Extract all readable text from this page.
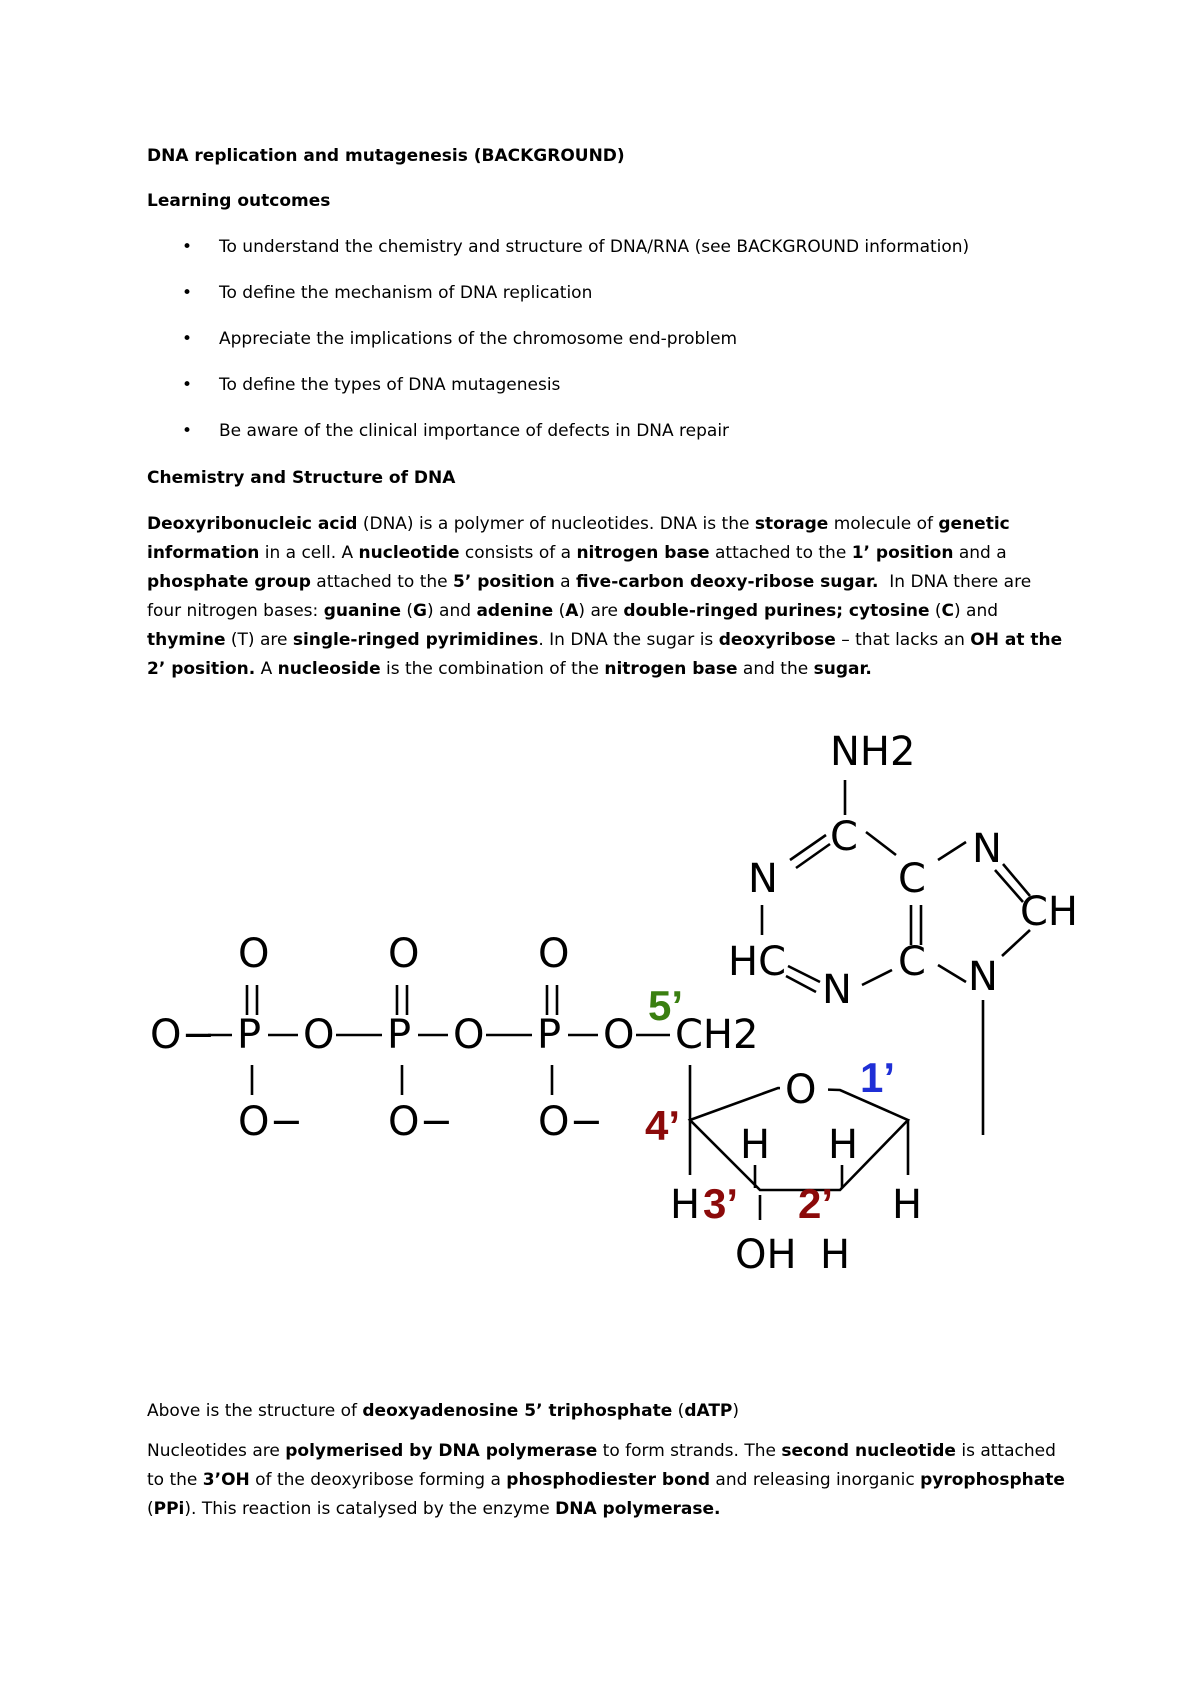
DNA replication and mutagenesis (BACKGROUND)
Learning outcomes
• To understand the chemistry and structure of DNA/RNA (see BACKGROUND information)
• To define the mechanism of DNA replication
• Appreciate the implications of the chromosome end-problem
• To define the types of DNA mutagenesis
• Be aware of the clinical importance of defects in DNA repair
Chemistry and Structure of DNA

Deoxyribonucleic acid (DNA) is a polymer of nucleotides. DNA is the storage molecule of genetic information in a cell. A nucleotide consists of a nitrogen base attached to the 1’ position and a phosphate group attached to the 5’ position a five-carbon deoxy-ribose sugar.  In DNA there are four nitrogen bases: guanine (G) and adenine (A) are double-ringed purines; cytosine (C) and thymine (T) are single-ringed pyrimidines. In DNA the sugar is deoxyribose – that lacks an OH at the 2’ position. A nucleoside is the combination of the nitrogen base and the sugar.

NH2
C
N	C
N
CH
HC	C
N	N
O	O	O
O− P O P O P O CH2
O− O− O−
O
H H
H
OH H
H
5’
4’
3’ 2’
1’
Above is the structure of deoxyadenosine 5’ triphosphate (dATP)

Nucleotides are polymerised by DNA polymerase to form strands. The second nucleotide is attached to the 3’OH of the deoxyribose forming a phosphodiester bond and releasing inorganic pyrophosphate (PPi). This reaction is catalysed by the enzyme DNA polymerase.
